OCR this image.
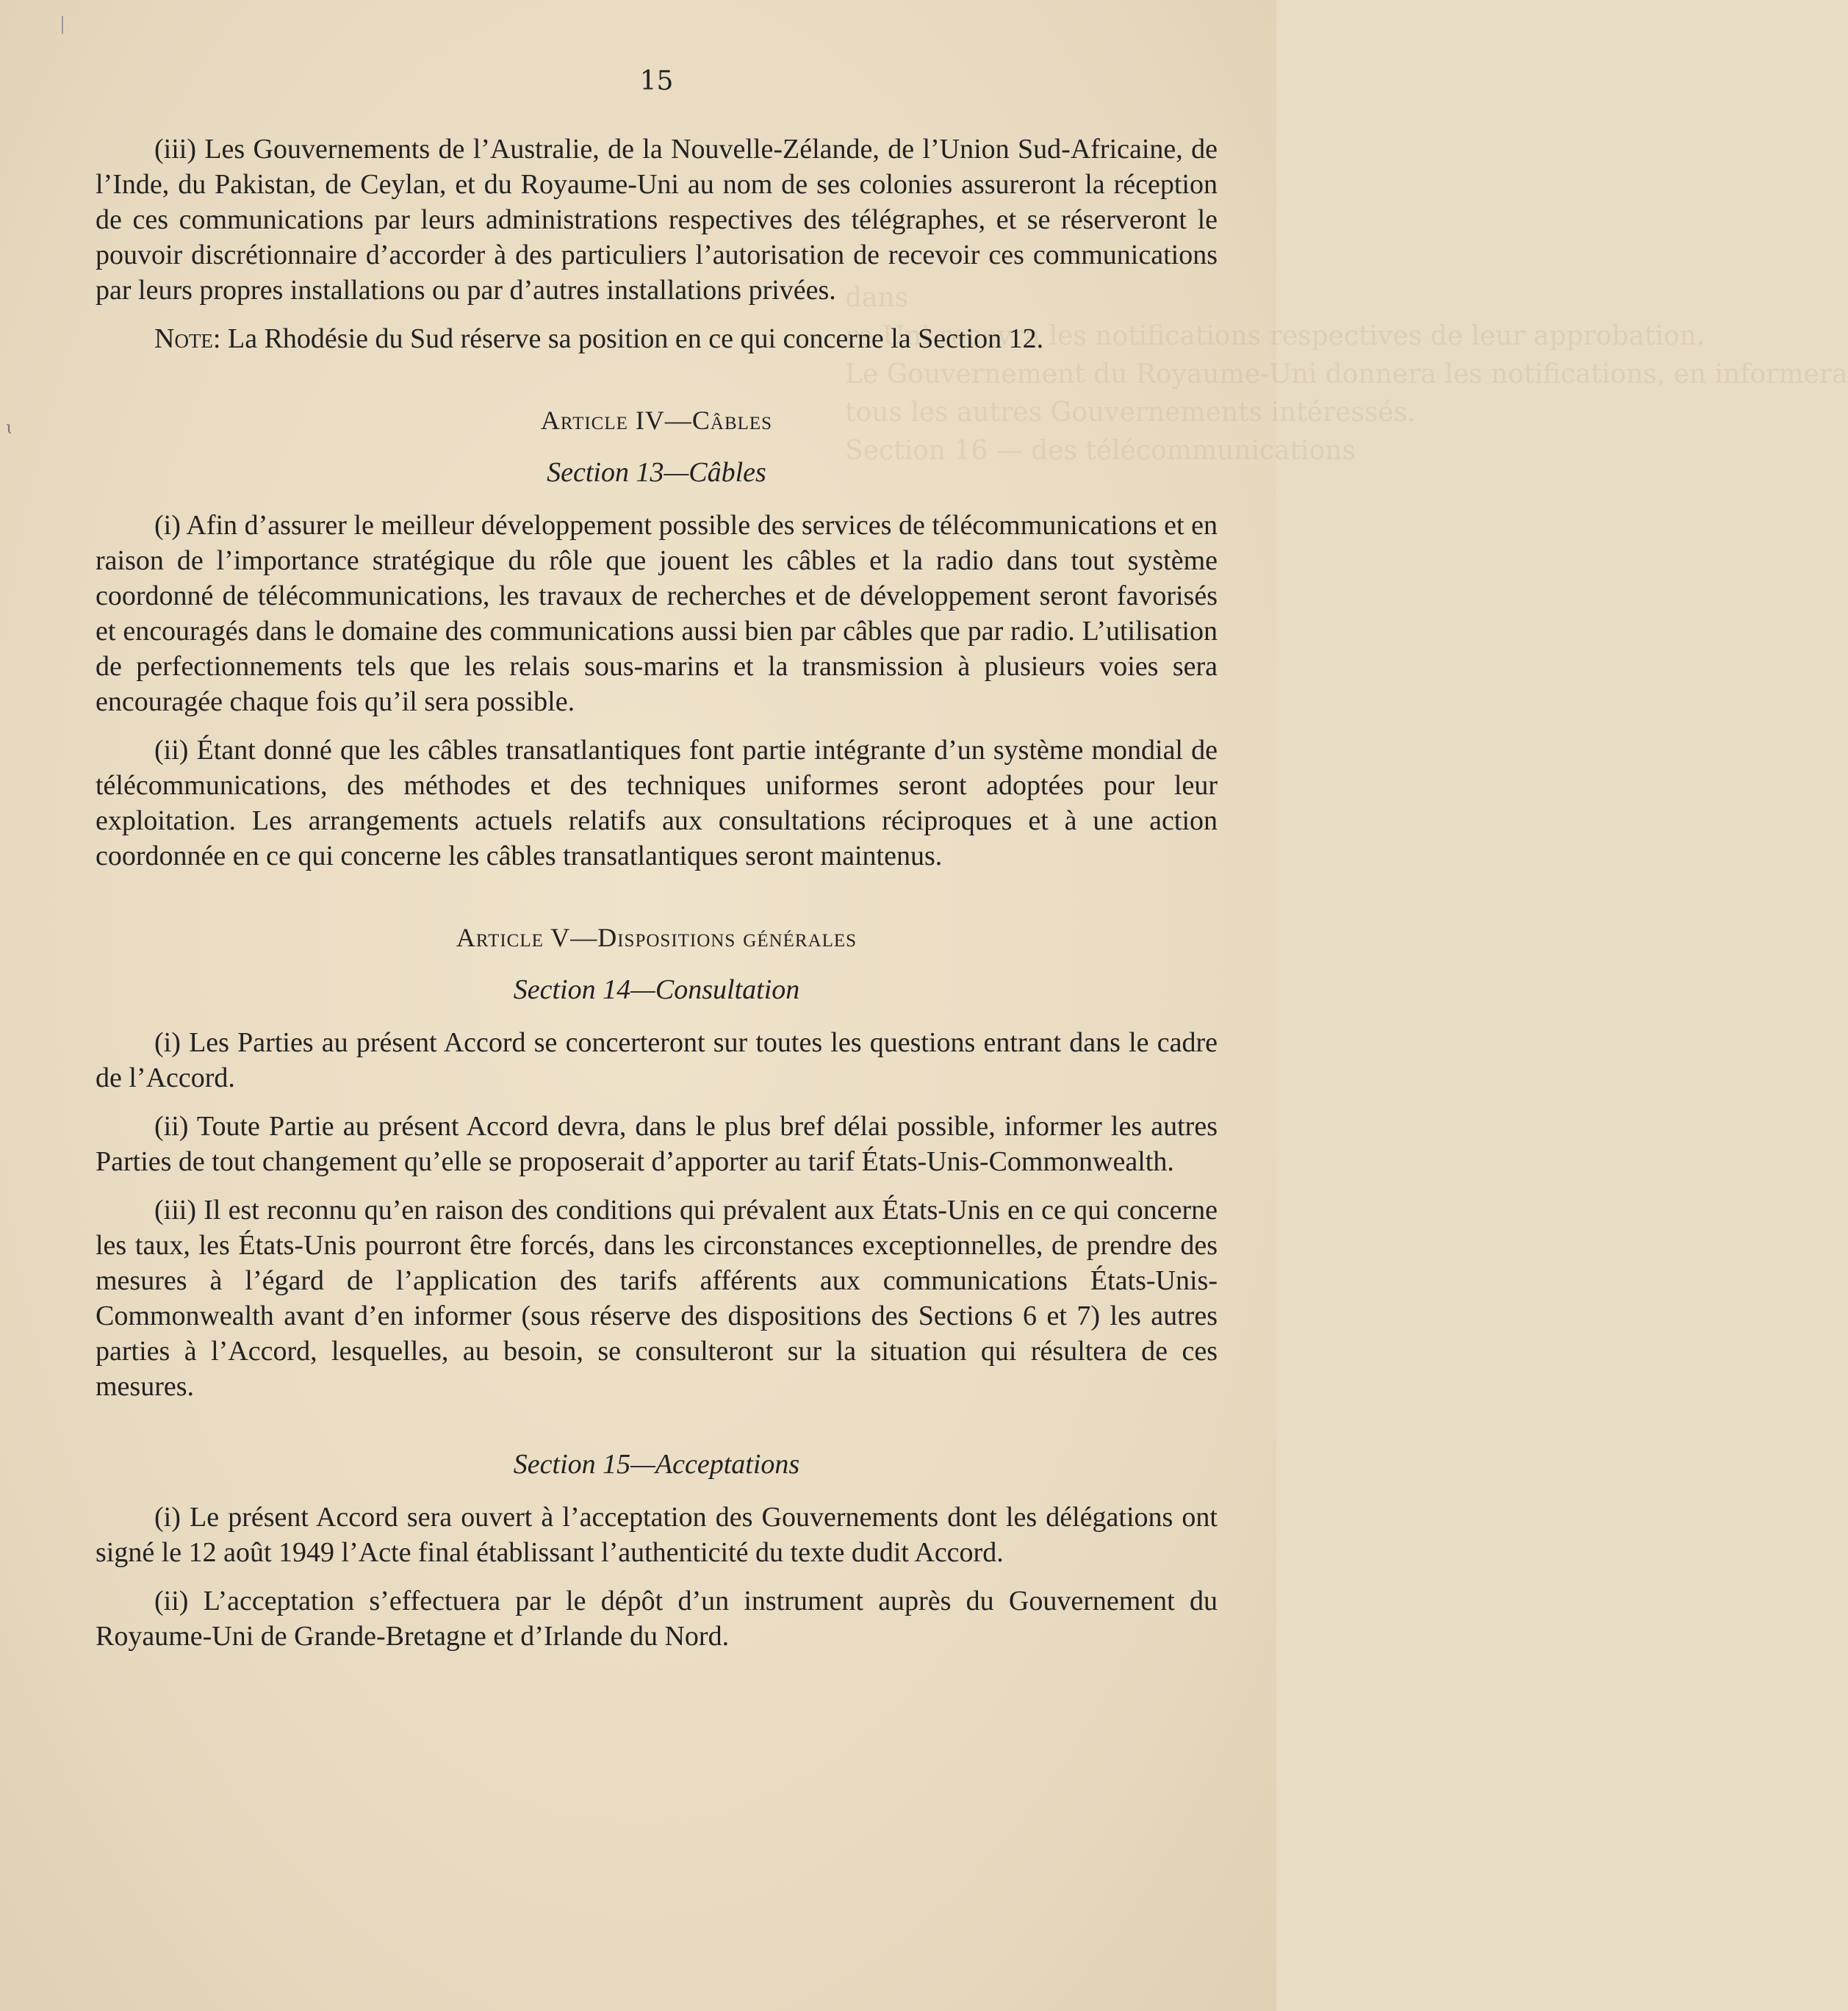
ɩ
dans
re-Uni recevra les notifications respectives de leur approbation.
Le Gouvernement du Royaume-Uni donnera les notifications, en informera
tous les autres Gouvernements intéressés.
Section 16 — des télécommunications
15

(iii) Les Gouvernements de l’Australie, de la Nouvelle-Zélande, de l’Union Sud-Africaine, de l’Inde, du Pakistan, de Ceylan, et du Royaume-Uni au nom de ses colonies assureront la réception de ces communications par leurs administrations respectives des télégraphes, et se réserveront le pouvoir discrétionnaire d’accorder à des particuliers l’autorisation de recevoir ces communications par leurs propres installations ou par d’autres installations privées.

Note: La Rhodésie du Sud réserve sa position en ce qui concerne la Section 12.

Article IV—Câbles
Section 13—Câbles

(i) Afin d’assurer le meilleur développement possible des services de télécommunications et en raison de l’importance stratégique du rôle que jouent les câbles et la radio dans tout système coordonné de télécommunications, les travaux de recherches et de développement seront favorisés et encouragés dans le domaine des communications aussi bien par câbles que par radio. L’utilisation de perfectionnements tels que les relais sous-marins et la transmission à plusieurs voies sera encouragée chaque fois qu’il sera possible.

(ii) Étant donné que les câbles transatlantiques font partie intégrante d’un système mondial de télécommunications, des méthodes et des techniques uniformes seront adoptées pour leur exploitation. Les arrangements actuels relatifs aux consultations réciproques et à une action coordonnée en ce qui concerne les câbles transatlantiques seront maintenus.

Article V—Dispositions générales
Section 14—Consultation

(i) Les Parties au présent Accord se concerteront sur toutes les questions entrant dans le cadre de l’Accord.

(ii) Toute Partie au présent Accord devra, dans le plus bref délai possible, informer les autres Parties de tout changement qu’elle se proposerait d’apporter au tarif États-Unis-Commonwealth.

(iii) Il est reconnu qu’en raison des conditions qui prévalent aux États-Unis en ce qui concerne les taux, les États-Unis pourront être forcés, dans les circonstances exceptionnelles, de prendre des mesures à l’égard de l’application des tarifs afférents aux communications États-Unis-Commonwealth avant d’en informer (sous réserve des dispositions des Sections 6 et 7) les autres parties à l’Accord, lesquelles, au besoin, se consulteront sur la situation qui résultera de ces mesures.

Section 15—Acceptations

(i) Le présent Accord sera ouvert à l’acceptation des Gouvernements dont les délégations ont signé le 12 août 1949 l’Acte final établissant l’authenticité du texte dudit Accord.

(ii) L’acceptation s’effectuera par le dépôt d’un instrument auprès du Gouvernement du Royaume-Uni de Grande-Bretagne et d’Irlande du Nord.
